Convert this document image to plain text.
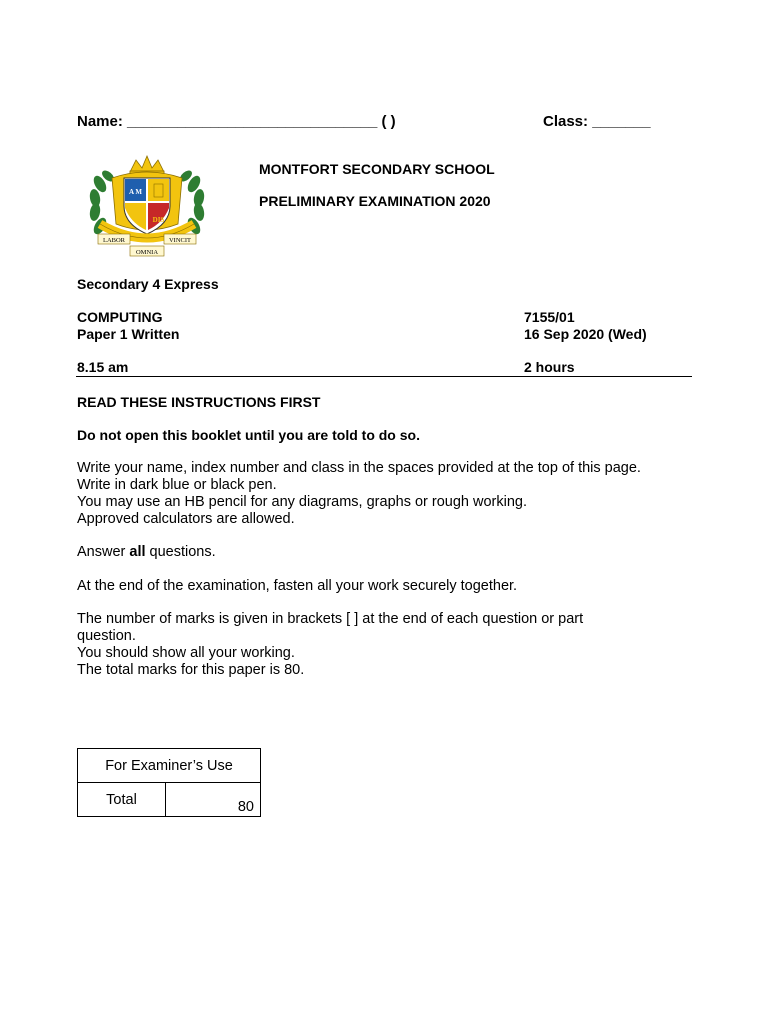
Name: ______________________________ ( )	Class: _______
A M
DIS
LABOR	VINCIT
OMNIA
MONTFORT SECONDARY SCHOOL
PRELIMINARY EXAMINATION 2020
Secondary 4 Express
COMPUTING	7155/01
Paper 1 Written	16 Sep 2020 (Wed)
8.15 am	2 hours
READ THESE INSTRUCTIONS FIRST
Do not open this booklet until you are told to do so.
Write your name, index number and class in the spaces provided at the top of this page.
Write in dark blue or black pen.
You may use an HB pencil for any diagrams, graphs or rough working.
Approved calculators are allowed.
Answer all questions.
At the end of the examination, fasten all your work securely together.
The number of marks is given in brackets [ ] at the end of each question or part
question.
You should show all your working.
The total marks for this paper is 80.
For Examiner’s Use
Total	80
